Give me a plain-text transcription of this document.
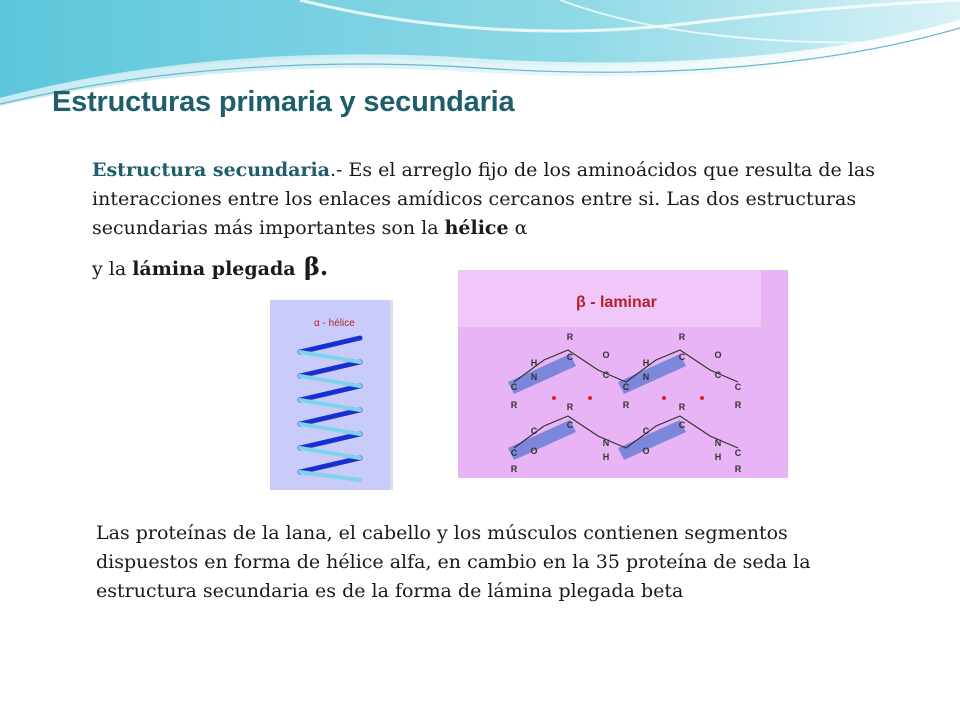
Estructuras primaria y secundaria
Estructura secundaria.- Es el arreglo fijo de los aminoácidos que resulta de las interacciones entre los enlaces amídicos cercanos entre si. Las dos estructuras secundarias más importantes son la hélice α
y la lámina plegada β.
α - hélice
β - laminar
R
C
R
C
H
N
H
N
O
C
O
C
C
R
C
R
C
R
R
C
R
C
N
H
N
H
C
O
C
O
C
R
C
R
Las proteínas de la lana, el cabello y los músculos contienen segmentos dispuestos en forma de hélice alfa, en cambio en la 35 proteína de seda la estructura secundaria es de la forma de lámina plegada beta
